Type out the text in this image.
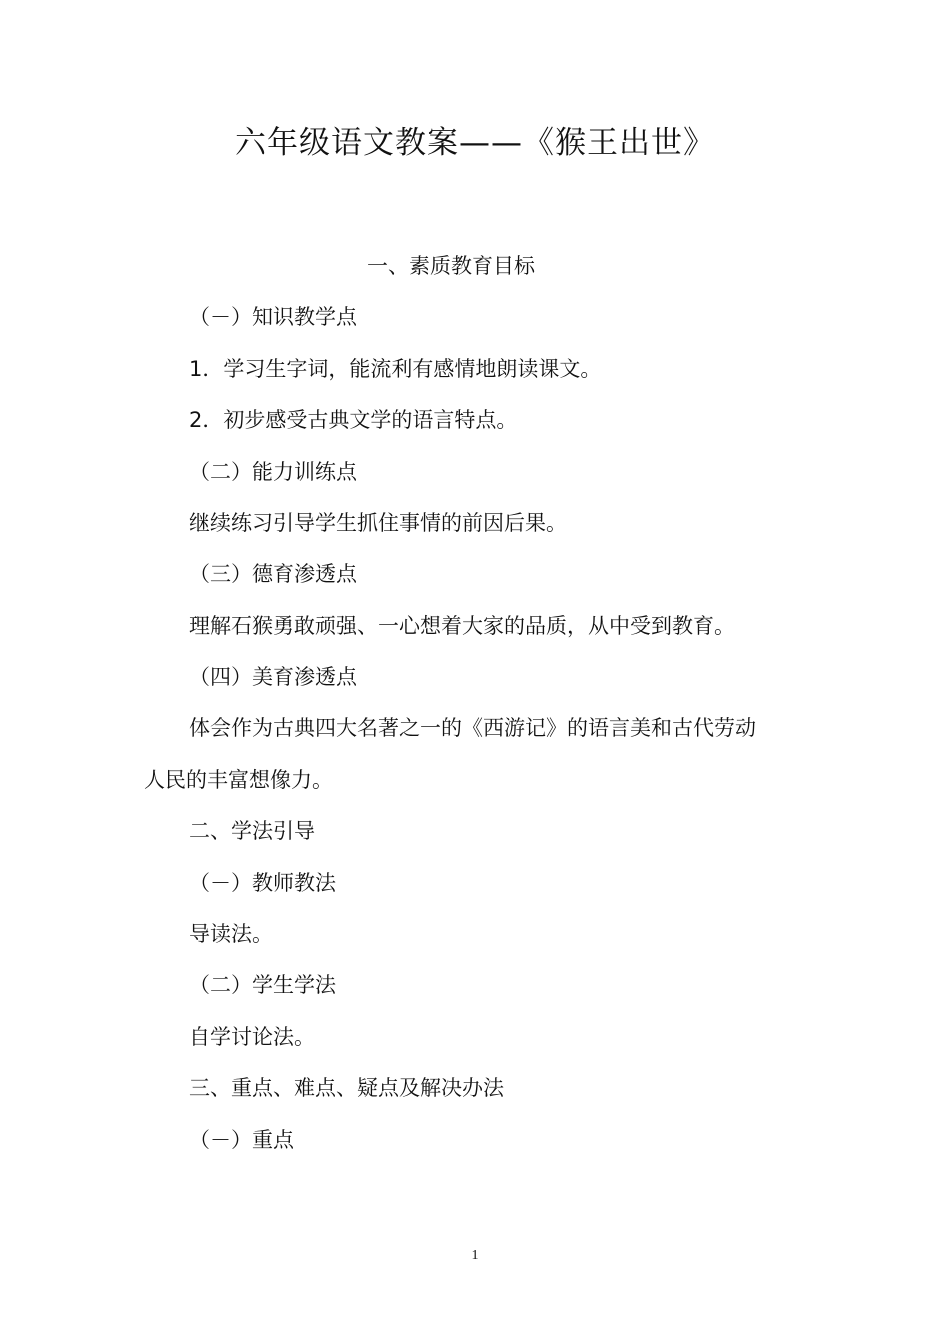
六年级语文教案——《猴王出世》
一、素质教育目标
（－）知识教学点
1．学习生字词，能流利有感情地朗读课文。
2．初步感受古典文学的语言特点。
（二）能力训练点
继续练习引导学生抓住事情的前因后果。
（三）德育渗透点
理解石猴勇敢顽强、一心想着大家的品质，从中受到教育。
（四）美育渗透点
体会作为古典四大名著之一的《西游记》的语言美和古代劳动
人民的丰富想像力。
二、学法引导
（－）教师教法
导读法。
（二）学生学法
自学讨论法。
三、重点、难点、疑点及解决办法
（－）重点
1
